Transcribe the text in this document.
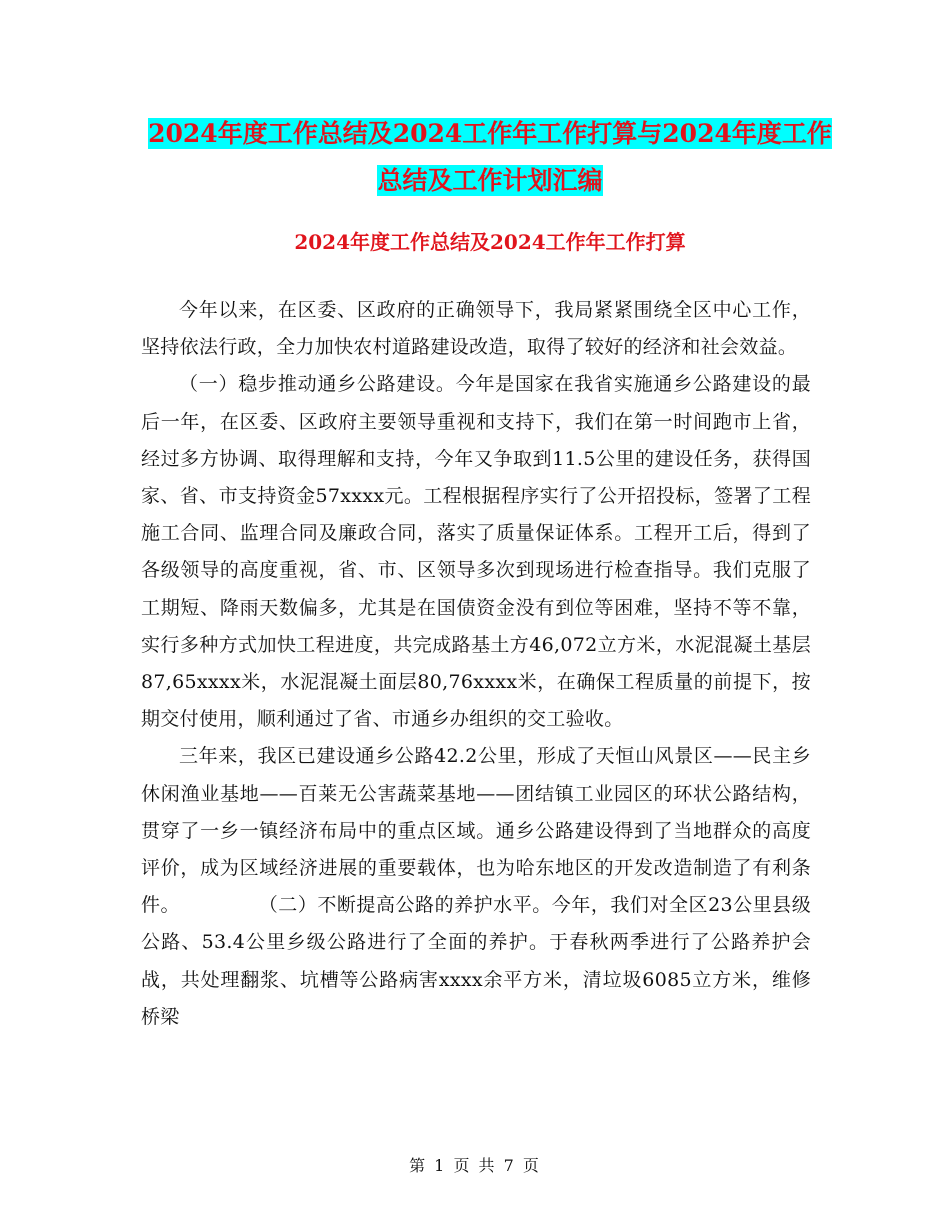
2024年度工作总结及2024工作年工作打算与2024年度工作总结及工作计划汇编
2024年度工作总结及2024工作年工作打算

今年以来，在区委、区政府的正确领导下，我局紧紧围绕全区中心工作，坚持依法行政，全力加快农村道路建设改造，取得了较好的经济和社会效益。

（一）稳步推动通乡公路建设。今年是国家在我省实施通乡公路建设的最后一年，在区委、区政府主要领导重视和支持下，我们在第一时间跑市上省，经过多方协调、取得理解和支持，今年又争取到11.5公里的建设任务，获得国家、省、市支持资金57xxxx元。工程根据程序实行了公开招投标，签署了工程施工合同、监理合同及廉政合同，落实了质量保证体系。工程开工后，得到了各级领导的高度重视，省、市、区领导多次到现场进行检查指导。我们克服了工期短、降雨天数偏多，尤其是在国债资金没有到位等困难，坚持不等不靠，实行多种方式加快工程进度，共完成路基土方46,072立方米，水泥混凝土基层87,65xxxx米，水泥混凝土面层80,76xxxx米，在确保工程质量的前提下，按期交付使用，顺利通过了省、市通乡办组织的交工验收。

三年来，我区已建设通乡公路42.2公里，形成了天恒山风景区——民主乡休闲渔业基地——百莱无公害蔬菜基地——团结镇工业园区的环状公路结构，贯穿了一乡一镇经济布局中的重点区域。通乡公路建设得到了当地群众的高度评价，成为区域经济进展的重要载体，也为哈东地区的开发改造制造了有利条件。　　　　　（二）不断提高公路的养护水平。今年，我们对全区23公里县级公路、53.4公里乡级公路进行了全面的养护。于春秋两季进行了公路养护会战，共处理翻浆、坑槽等公路病害xxxx余平方米，清垃圾6085立方米，维修桥梁

第 1 页 共 7 页
